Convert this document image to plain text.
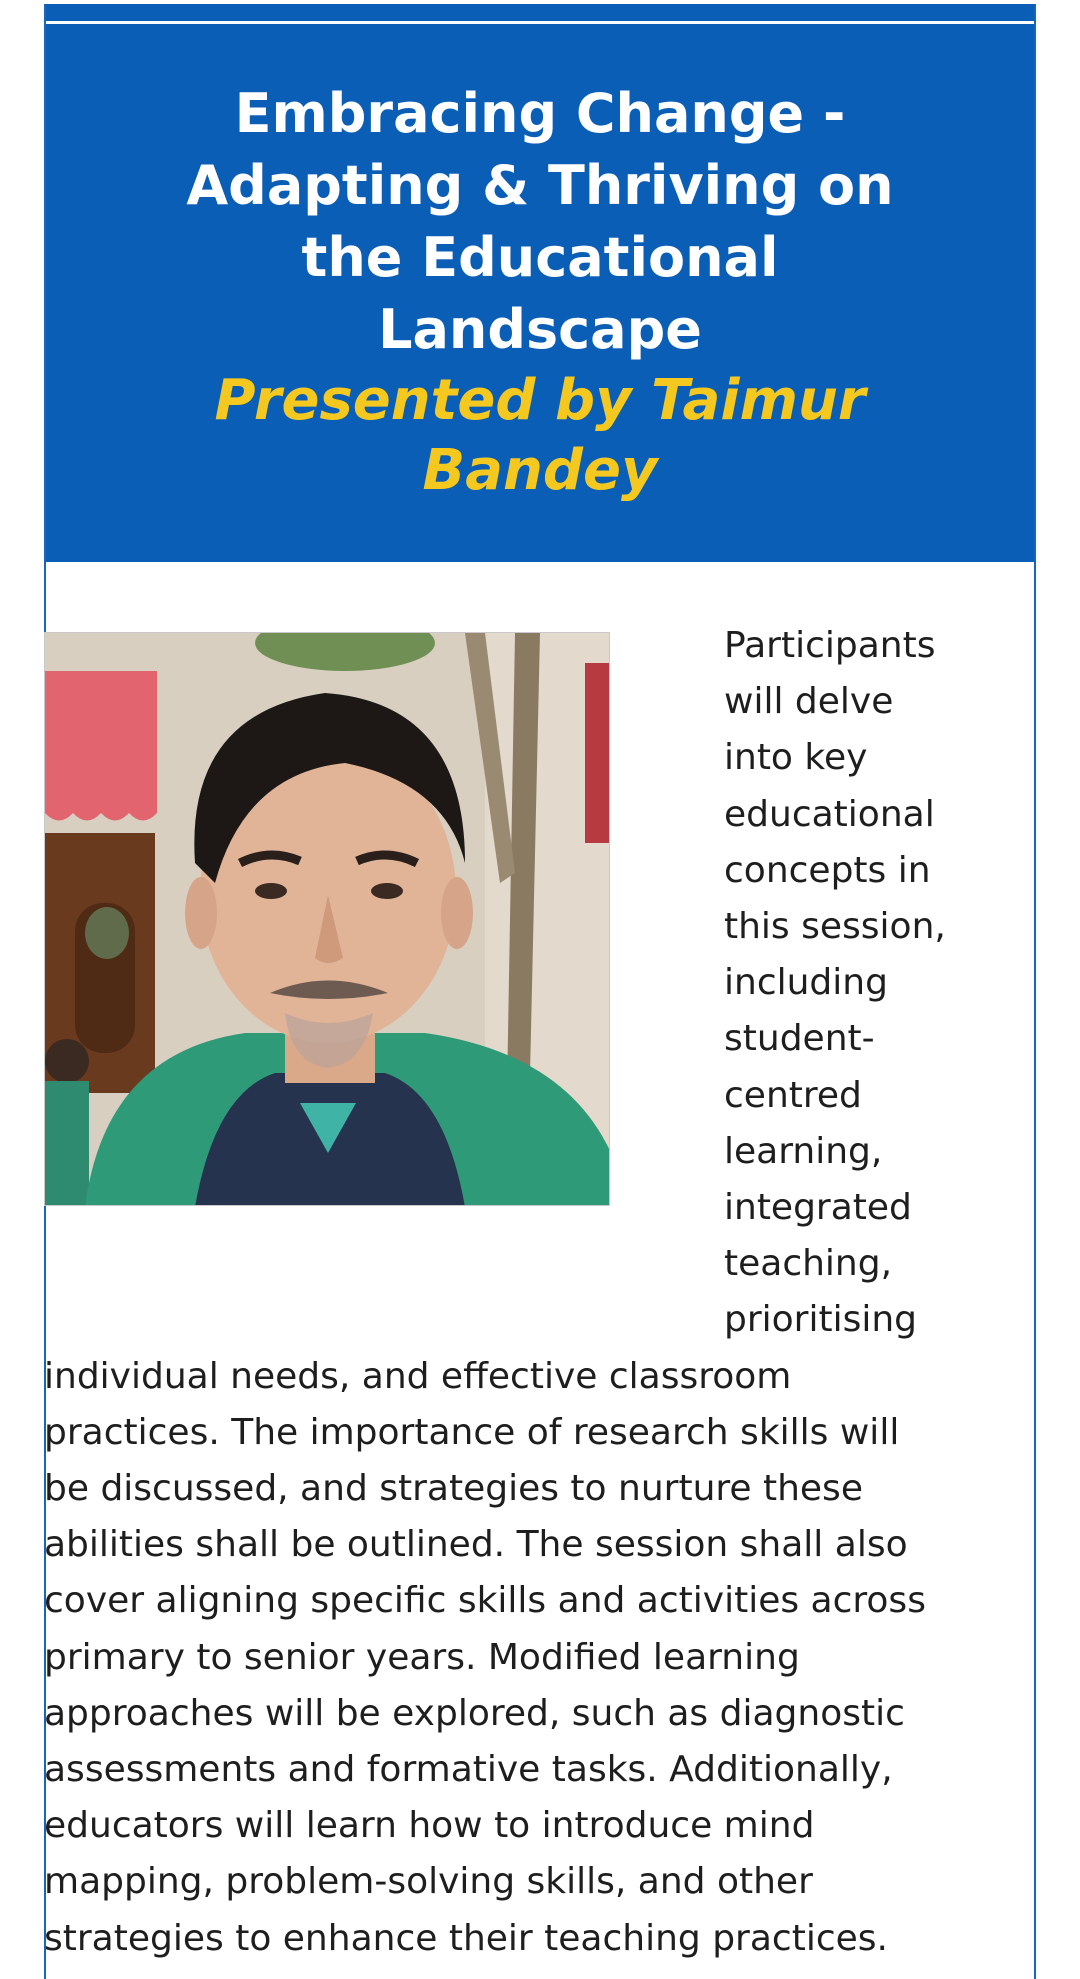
Embracing Change -
Adapting & Thriving on
the Educational
Landscape
Presented by Taimur
Bandey
Participants
will delve
into key
educational
concepts in
this session,
including
student-
centred
learning,
integrated
teaching,
prioritising
individual needs, and effective classroom
practices. The importance of research skills will
be discussed, and strategies to nurture these
abilities shall be outlined. The session shall also
cover aligning specific skills and activities across
primary to senior years. Modified learning
approaches will be explored, such as diagnostic
assessments and formative tasks. Additionally,
educators will learn how to introduce mind
mapping, problem-solving skills, and other
strategies to enhance their teaching practices.
